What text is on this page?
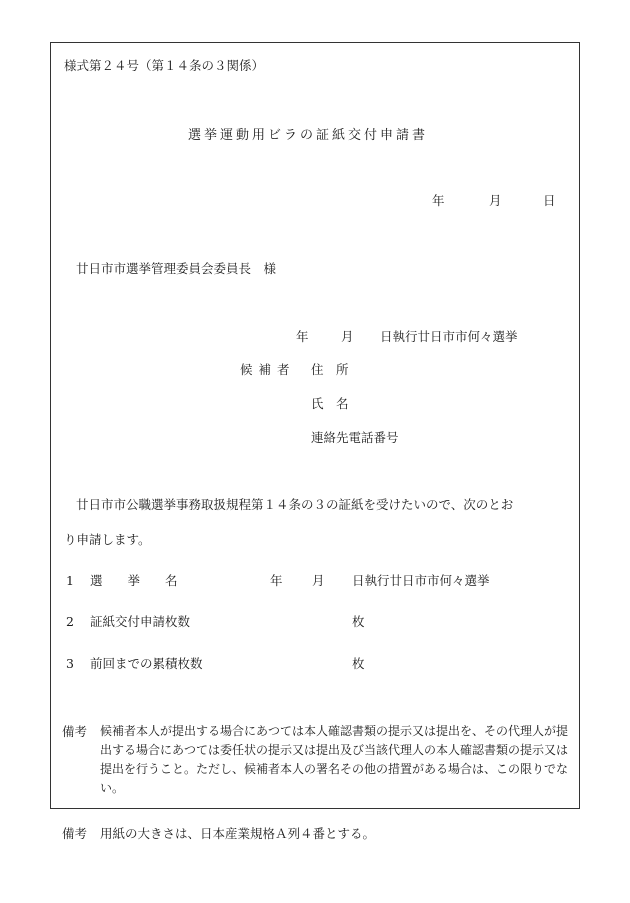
様式第２４号（第１４条の３関係）
選挙運動用ビラの証紙交付申請書
年	月	日
廿日市市選挙管理委員会委員長　様
年	月 日執行廿日市市何々選挙
候補者 住　所
氏　名
連絡先電話番号
廿日市市公職選挙事務取扱規程第１４条の３の証紙を受けたいので、次のとお
り申請します。
1 選　　挙　　名	年 月 日執行廿日市市何々選挙
2 証紙交付申請枚数	枚
3 前回までの累積枚数	枚
備考 候補者本人が提出する場合にあつては本人確認書類の提示又は提出を、その代理人が提出する場合にあつては委任状の提示又は提出及び当該代理人の本人確認書類の提示又は提出を行うこと。ただし、候補者本人の署名その他の措置がある場合は、この限りでない。
備考 用紙の大きさは、日本産業規格Ａ列４番とする。
